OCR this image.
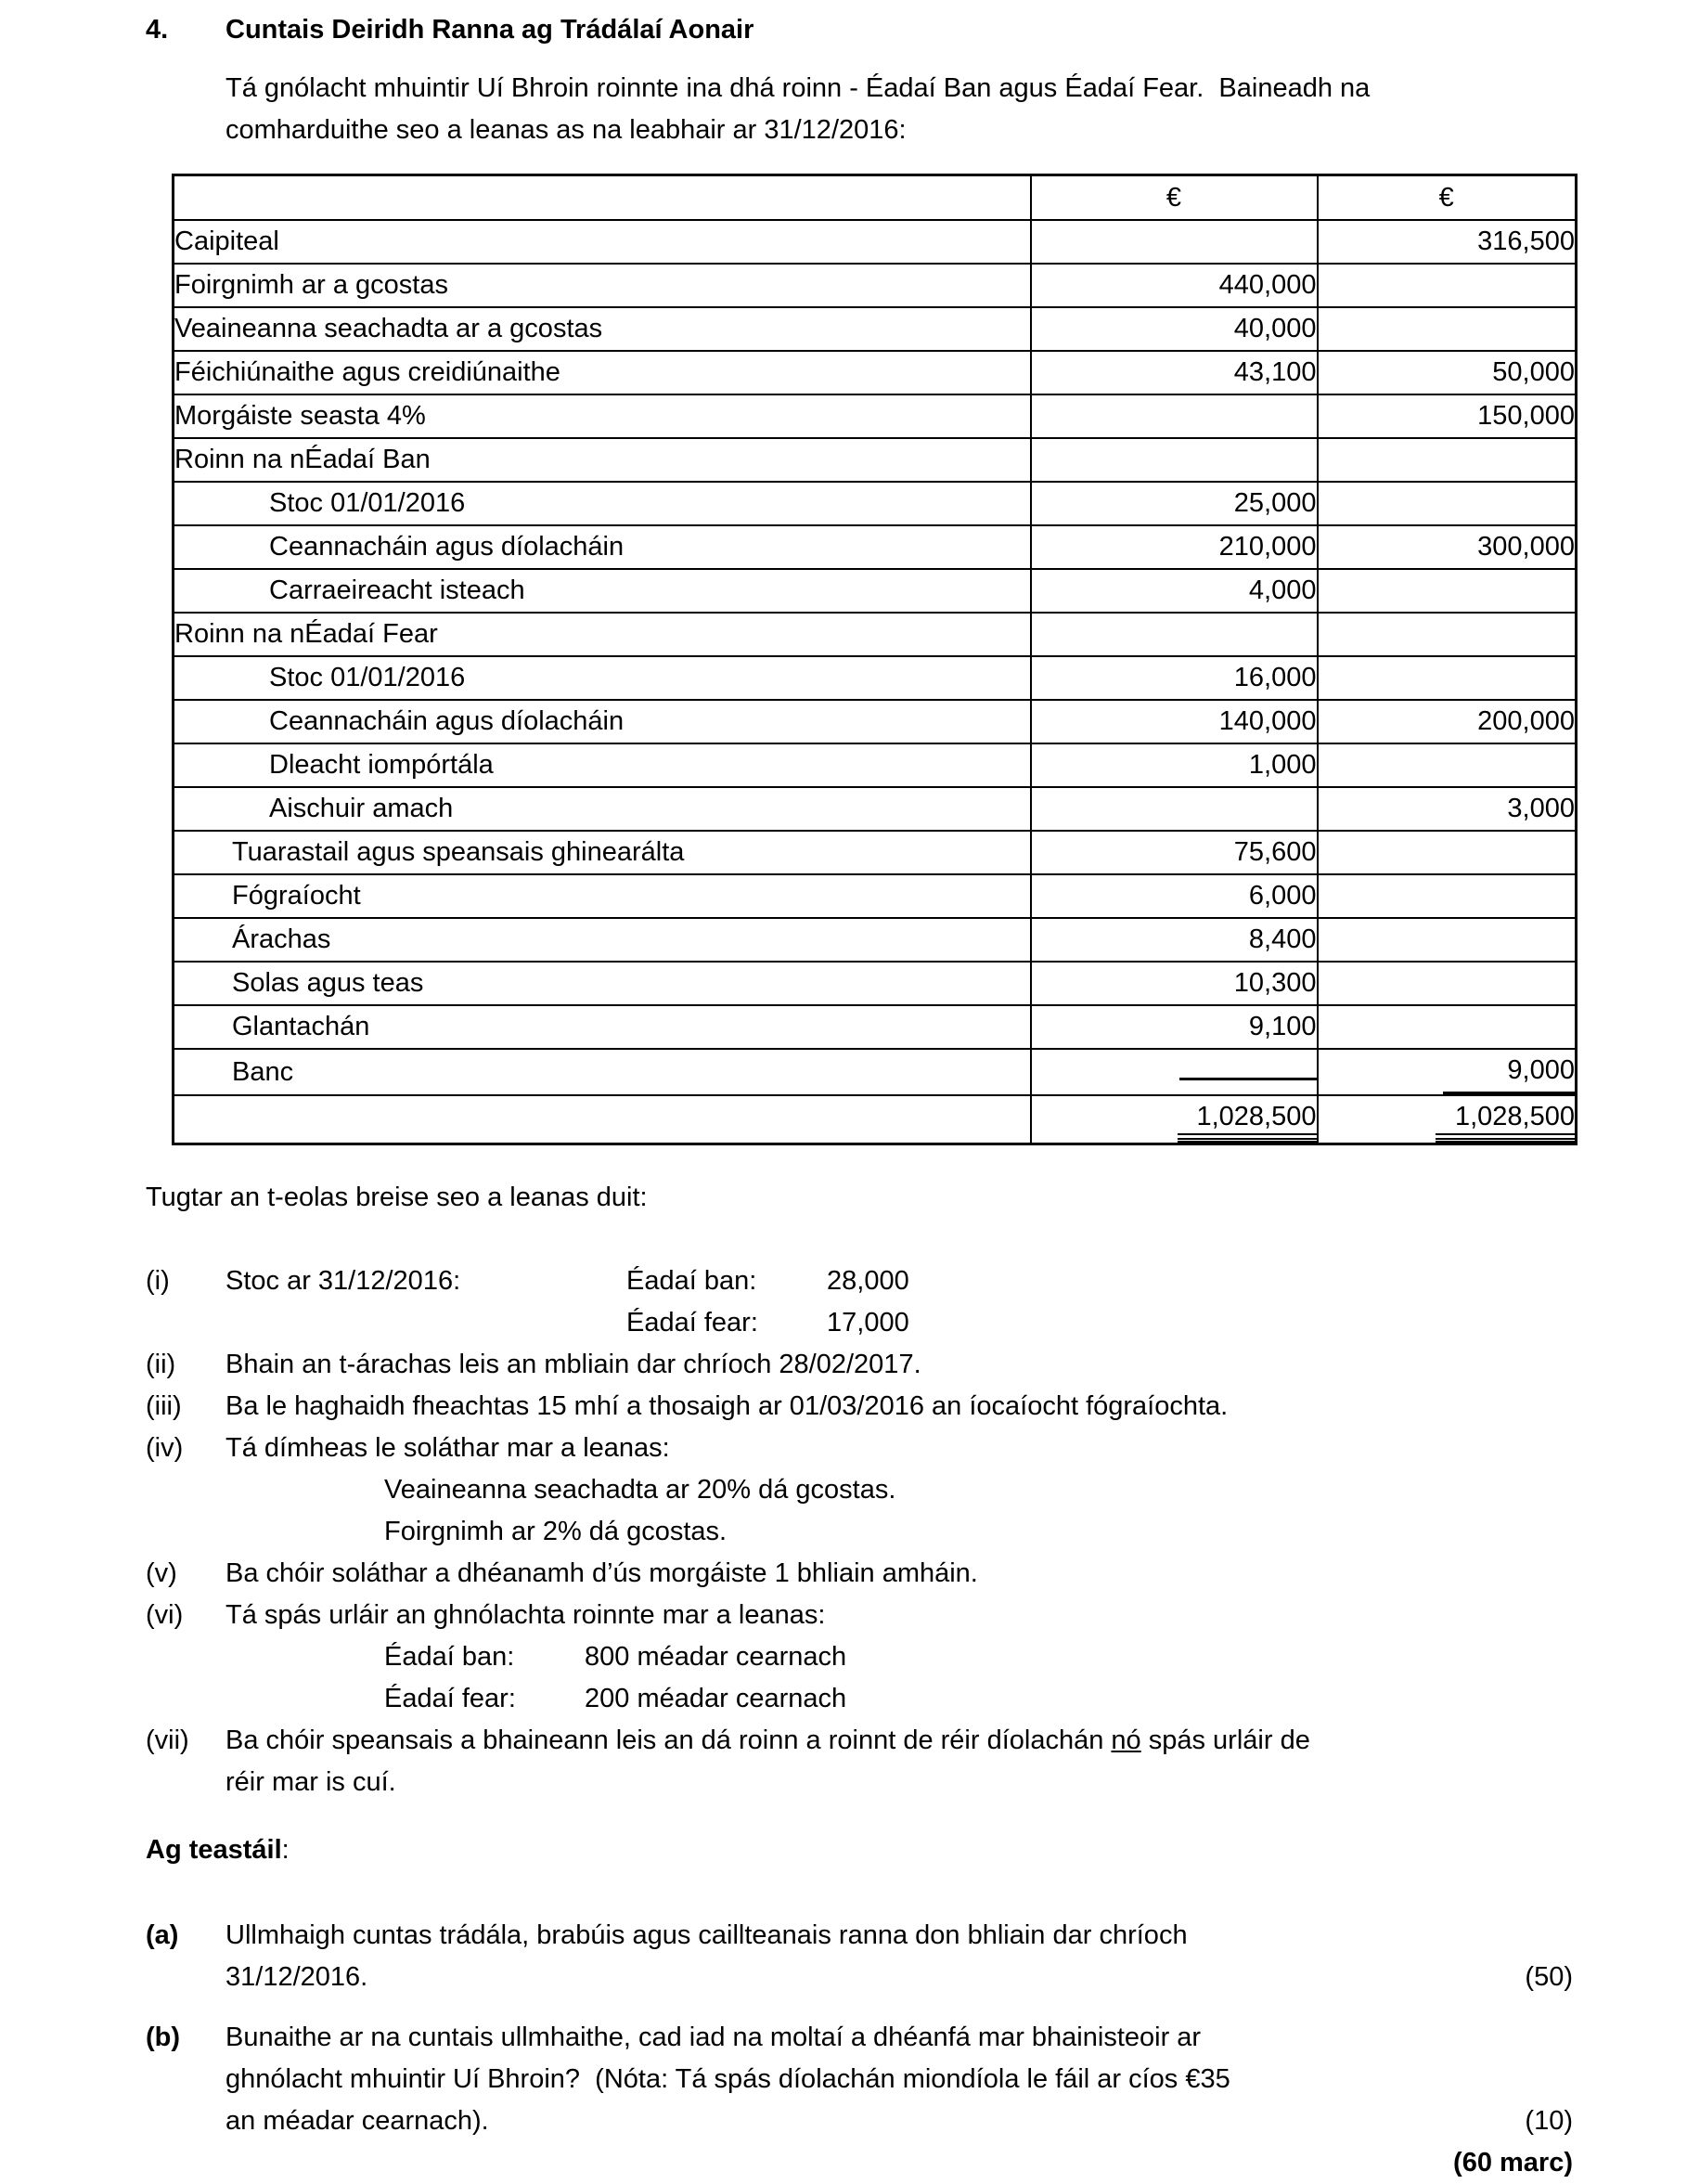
4.	Cuntais Deiridh Ranna ag Trádálaí Aonair
Tá gnólacht mhuintir Uí Bhroin roinnte ina dhá roinn - Éadaí Ban agus Éadaí Fear.  Baineadh na
comharduithe seo a leanas as na leabhair ar 31/12/2016:
	€	€
Caipiteal		316,500
Foirgnimh ar a gcostas	440,000	
Veaineanna seachadta ar a gcostas	40,000	
Féichiúnaithe agus creidiúnaithe	43,100	50,000
Morgáiste seasta 4%		150,000
Roinn na nÉadaí Ban		
Stoc 01/01/2016	25,000	
Ceannacháin agus díolacháin	210,000	300,000
Carraeireacht isteach	4,000	
Roinn na nÉadaí Fear		
Stoc 01/01/2016	16,000	
Ceannacháin agus díolacháin	140,000	200,000
Dleacht iompórtála	1,000	
Aischuir amach		3,000
Tuarastail agus speansais ghinearálta	75,600	
Fógraíocht	6,000	
Árachas	8,400	
Solas agus teas	10,300	
Glantachán	9,100	
Banc		9,000
	1,028,500	1,028,500
Tugtar an t-eolas breise seo a leanas duit:
(i)	Stoc ar 31/12/2016:	Éadaí ban:	28,000
Éadaí fear:	17,000
(ii)	Bhain an t-árachas leis an mbliain dar chríoch 28/02/2017.
(iii)	Ba le haghaidh fheachtas 15 mhí a thosaigh ar 01/03/2016 an íocaíocht fógraíochta.
(iv)	Tá dímheas le soláthar mar a leanas:
Veaineanna seachadta ar 20% dá gcostas.
Foirgnimh ar 2% dá gcostas.
(v)	Ba chóir soláthar a dhéanamh d’ús morgáiste 1 bhliain amháin.
(vi)	Tá spás urláir an ghnólachta roinnte mar a leanas:
Éadaí ban:	800 méadar cearnach
Éadaí fear:	200 méadar cearnach
(vii)	Ba chóir speansais a bhaineann leis an dá roinn a roinnt de réir díolachán nó spás urláir de
réir mar is cuí.
Ag teastáil:
(a)	Ullmhaigh cuntas trádála, brabúis agus caillteanais ranna don bhliain dar chríoch
31/12/2016.	(50)
(b)	Bunaithe ar na cuntais ullmhaithe, cad iad na moltaí a dhéanfá mar bhainisteoir ar
ghnólacht mhuintir Uí Bhroin?  (Nóta: Tá spás díolachán miondíola le fáil ar cíos €35
an méadar cearnach).	(10)
(60 marc)
